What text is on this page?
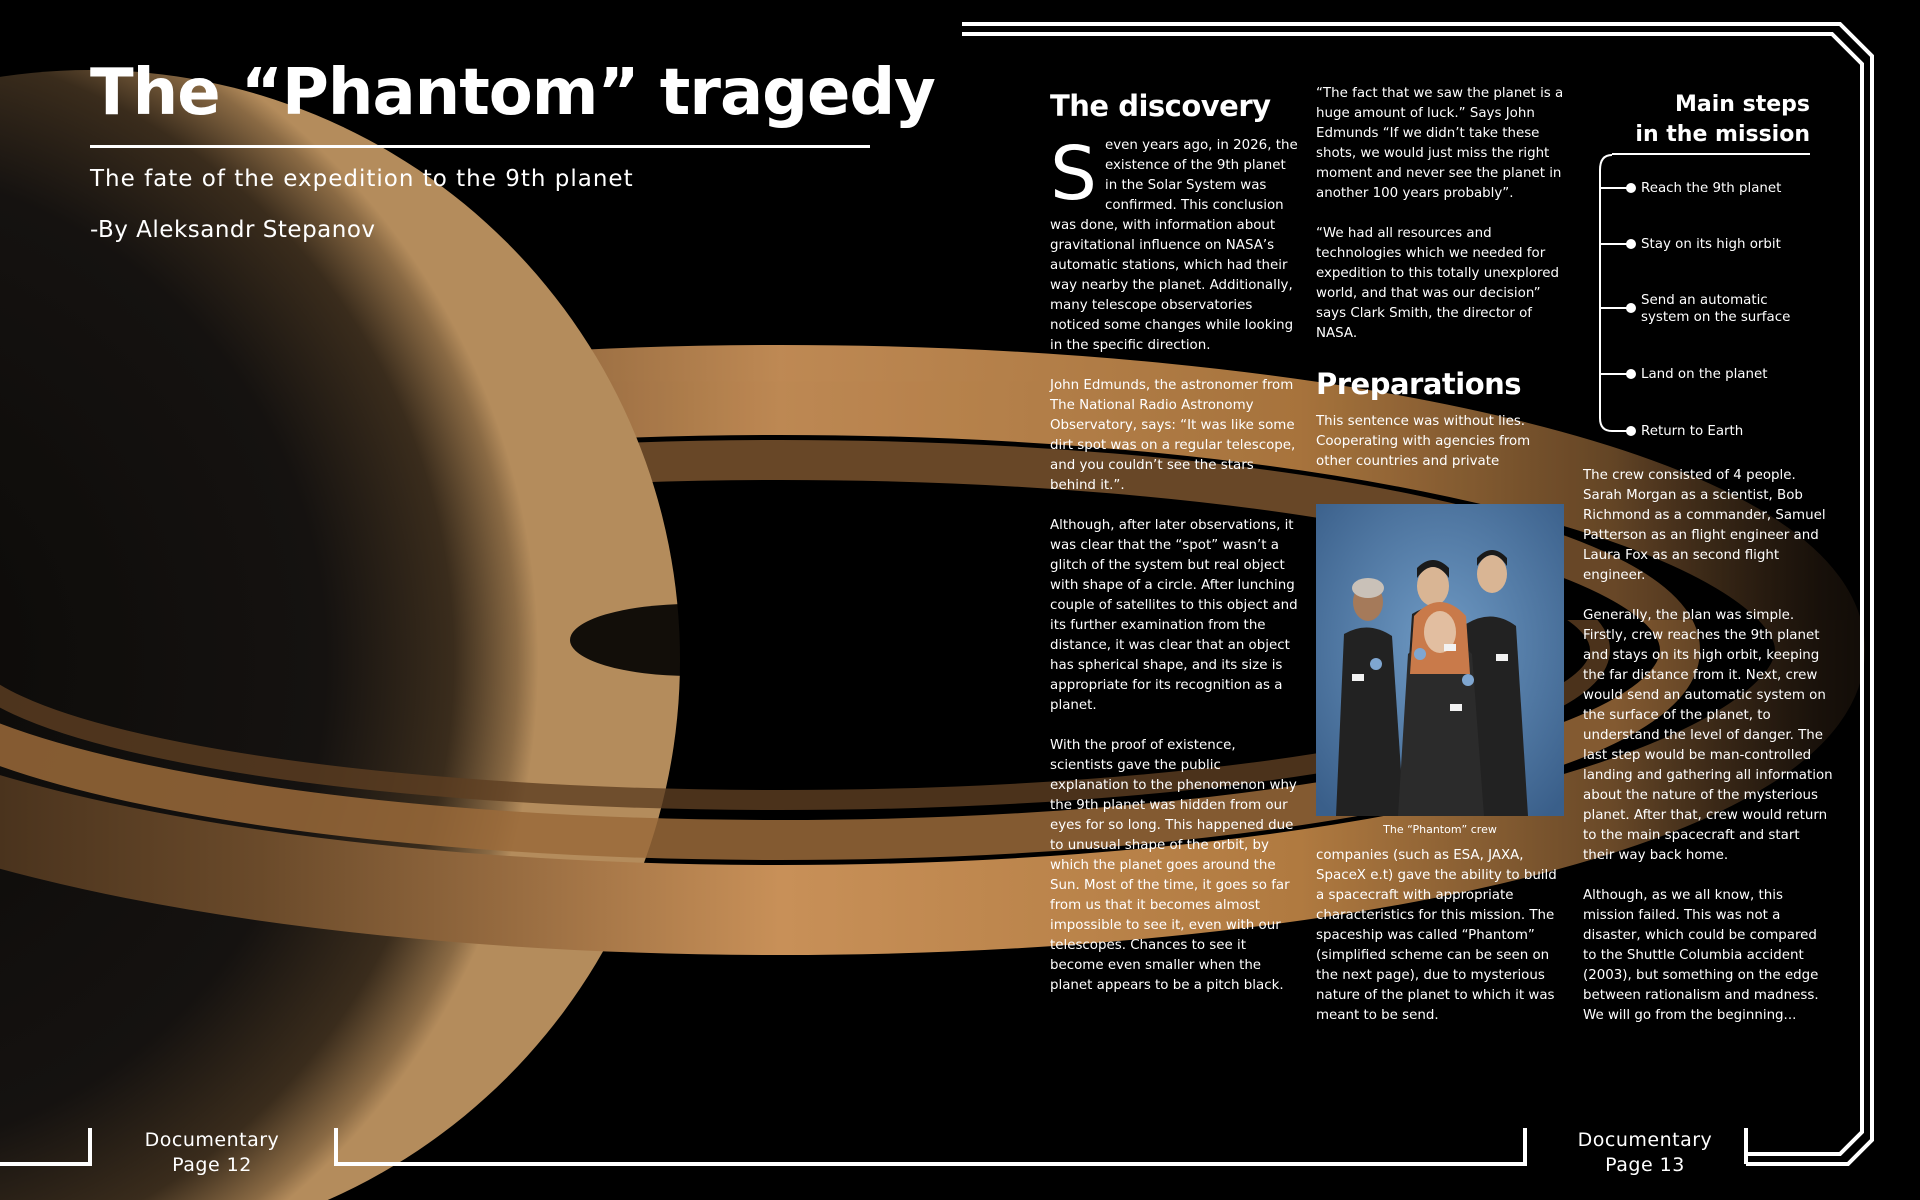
The “Phantom” tragedy

The fate of the expedition to the 9th planet

-By Aleksandr Stepanov

The discovery

Seven years ago, in 2026, the existence of the 9th planet in the Solar System was confirmed. This conclusion was done, with information about gravitational influence on NASA’s automatic stations, which had their way nearby the planet. Additionally, many telescope observatories noticed some changes while looking in the specific direction.

John Edmunds, the astronomer from The National Radio Astronomy Observatory, says: “It was like some dirt spot was on a regular telescope, and you couldn’t see the stars behind it.”.

Although, after later observations, it was clear that the “spot” wasn’t a glitch of the system but real object with shape of a circle. After lunching couple of satellites to this object and its further examination from the distance, it was clear that an object has spherical shape, and its size is appropriate for its recognition as a planet.

With the proof of existence, scientists gave the public explanation to the phenomenon why the 9th planet was hidden from our eyes for so long. This happened due to unusual shape of the orbit, by which the planet goes around the Sun. Most of the time, it goes so far from us that it becomes almost impossible to see it, even with our telescopes. Chances to see it become even smaller when the planet appears to be a pitch black.

“The fact that we saw the planet is a huge amount of luck.” Says John Edmunds “If we didn’t take these shots, we would just miss the right moment and never see the planet in another 100 years probably”.

“We had all resources and technologies which we needed for expedition to this totally unexplored world, and that was our decision” says Clark Smith, the director of NASA.

Preparations

This sentence was without lies. Cooperating with agencies from other countries and private

The “Phantom” crew

companies (such as ESA, JAXA, SpaceX e.t) gave the ability to build a spacecraft with appropriate characteristics for this mission. The spaceship was called “Phantom” (simplified scheme can be seen on the next page), due to mysterious nature of the planet to which it was meant to be send.

Main steps
in the mission
Reach the 9th planet
Stay on its high orbit
Send an automatic
system on the surface
Land on the planet
Return to Earth

The crew consisted of 4 people. Sarah Morgan as a scientist, Bob Richmond as a commander, Samuel Patterson as an flight engineer and Laura Fox as an second flight engineer.

Generally, the plan was simple. Firstly, crew reaches the 9th planet and stays on its high orbit, keeping the far distance from it. Next, crew would send an automatic system on the surface of the planet, to understand the level of danger. The last step would be man-controlled landing and gathering all information about the nature of the mysterious planet. After that, crew would return to the main spacecraft and start their way back home.

Although, as we all know, this mission failed. This was not a disaster, which could be compared to the Shuttle Columbia accident (2003), but something on the edge between rationalism and madness. We will go from the beginning...

Documentary
Page 12
Documentary
Page 13
